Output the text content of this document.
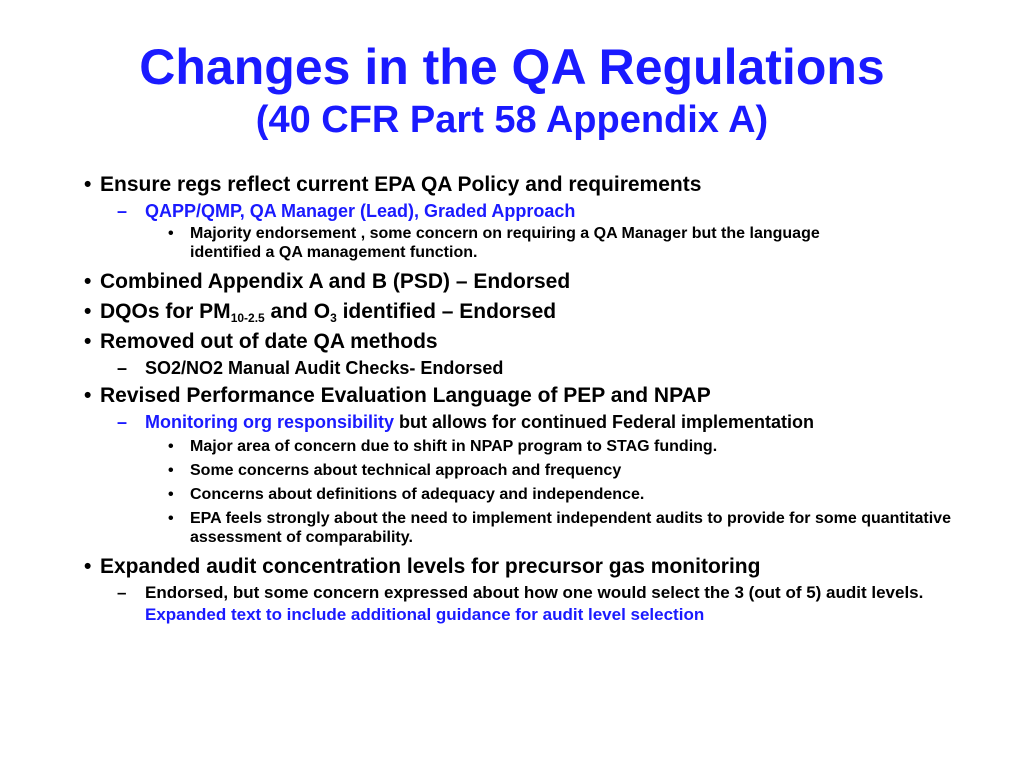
Changes in the QA Regulations
(40 CFR Part 58 Appendix A)
• Ensure regs reflect current EPA QA Policy and requirements
– QAPP/QMP, QA Manager (Lead), Graded Approach
• Majority endorsement , some concern on requiring a QA Manager but the language identified a QA management function.
• Combined Appendix A and B (PSD) – Endorsed
• DQOs for $PM_{10-2.5}$ and $O_3$ identified – Endorsed
• Removed out of date QA methods
– SO2/NO2 Manual Audit Checks- Endorsed
• Revised Performance Evaluation Language of PEP and NPAP
– Monitoring org responsibility but allows for continued Federal implementation
• Major area of concern due to shift in NPAP program to STAG funding.
• Some concerns about technical approach and frequency
• Concerns about definitions of adequacy and independence.
• EPA feels strongly about the need to implement independent audits to provide for some quantitative assessment of comparability.
• Expanded audit concentration levels for precursor gas monitoring
– Endorsed, but some concern expressed about how one would select the 3 (out of 5) audit levels. Expanded text to include additional guidance for audit level selection
